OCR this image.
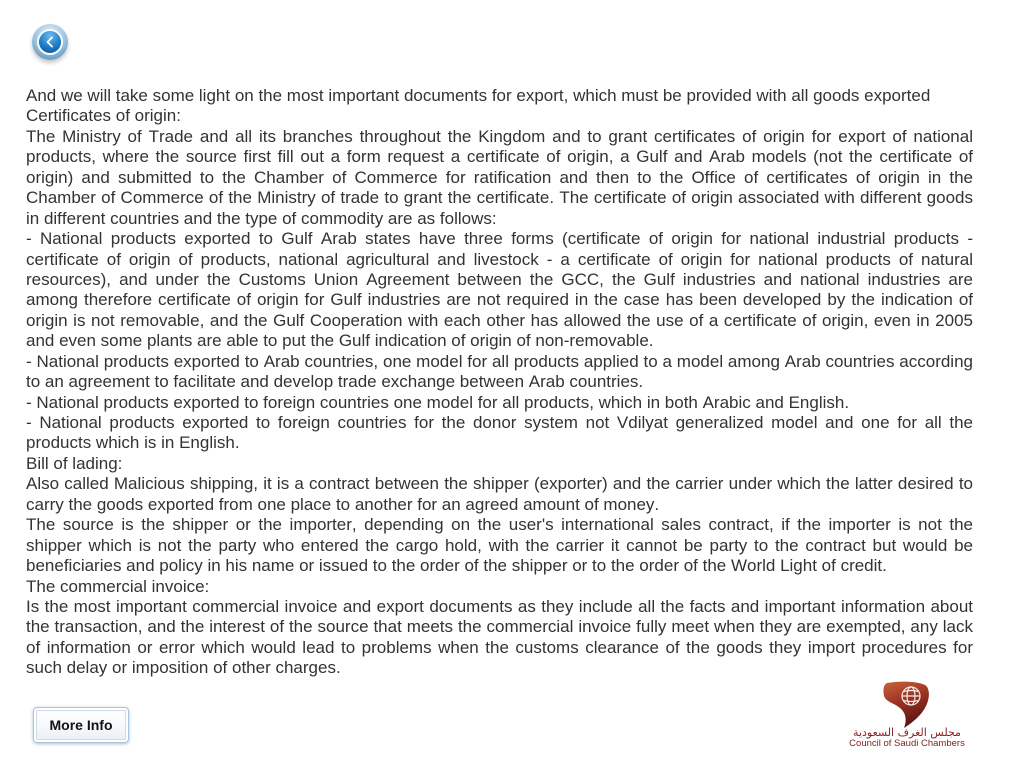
And we will take some light on the most important documents for export, which must be provided with all goods exported
Certificates of origin:
The Ministry of Trade and all its branches throughout the Kingdom and to grant certificates of origin for export of national
products, where the source first fill out a form request a certificate of origin, a Gulf and Arab models (not the certificate of
origin) and submitted to the Chamber of Commerce for ratification and then to the Office of certificates of origin in the
Chamber of Commerce of the Ministry of trade to grant the certificate. The certificate of origin associated with different goods
in different countries and the type of commodity are as follows:
- National products exported to Gulf Arab states have three forms (certificate of origin for national industrial products -
certificate of origin of products, national agricultural and livestock - a certificate of origin for national products of natural
resources), and under the Customs Union Agreement between the GCC, the Gulf industries and national industries are
among therefore certificate of origin for Gulf industries are not required in the case has been developed by the indication of
origin is not removable, and the Gulf Cooperation with each other has allowed the use of a certificate of origin, even in 2005
and even some plants are able to put the Gulf indication of origin of non-removable.
- National products exported to Arab countries, one model for all products applied to a model among Arab countries according
to an agreement to facilitate and develop trade exchange between Arab countries.
- National products exported to foreign countries one model for all products, which in both Arabic and English.
- National products exported to foreign countries for the donor system not Vdilyat generalized model and one for all the
products which is in English.
Bill of lading:
Also called Malicious shipping, it is a contract between the shipper (exporter) and the carrier under which the latter desired to
carry the goods exported from one place to another for an agreed amount of money.
The source is the shipper or the importer, depending on the user's international sales contract, if the importer is not the
shipper which is not the party who entered the cargo hold, with the carrier it cannot be party to the contract but would be
beneficiaries and policy in his name or issued to the order of the shipper or to the order of the World Light of credit.
The commercial invoice:
Is the most important commercial invoice and export documents as they include all the facts and important information about
the transaction, and the interest of the source that meets the commercial invoice fully meet when they are exempted, any lack
of information or error which would lead to problems when the customs clearance of the goods they import procedures for
such delay or imposition of other charges.
More Info	مجلس الغرف السعودية
Council of Saudi Chambers
